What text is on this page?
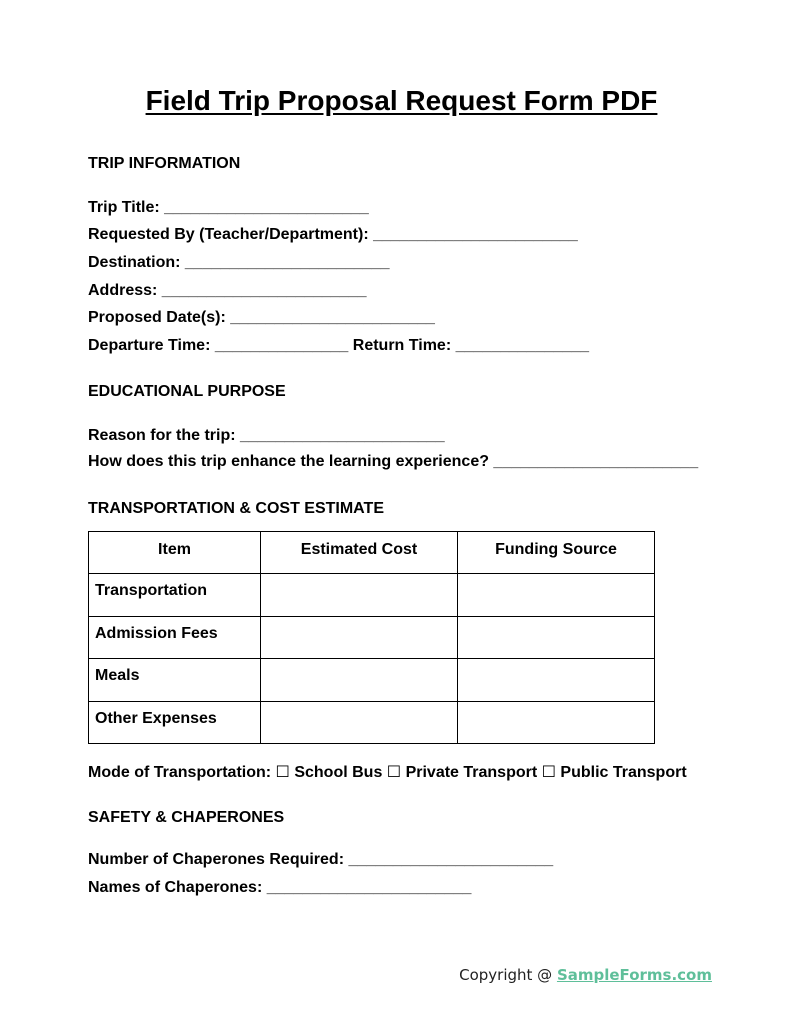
Field Trip Proposal Request Form PDF
TRIP INFORMATION
Trip Title: _______________________
Requested By (Teacher/Department): _______________________
Destination: _______________________
Address: _______________________
Proposed Date(s): _______________________
Departure Time: _______________ Return Time: _______________
EDUCATIONAL PURPOSE
Reason for the trip: _______________________
How does this trip enhance the learning experience? _______________________
TRANSPORTATION & COST ESTIMATE
Item	Estimated Cost	Funding Source
Transportation		
Admission Fees		
Meals		
Other Expenses		
Mode of Transportation: ☐ School Bus ☐ Private Transport ☐ Public Transport
SAFETY & CHAPERONES
Number of Chaperones Required: _______________________
Names of Chaperones: _______________________
Copyright @ SampleForms.com
